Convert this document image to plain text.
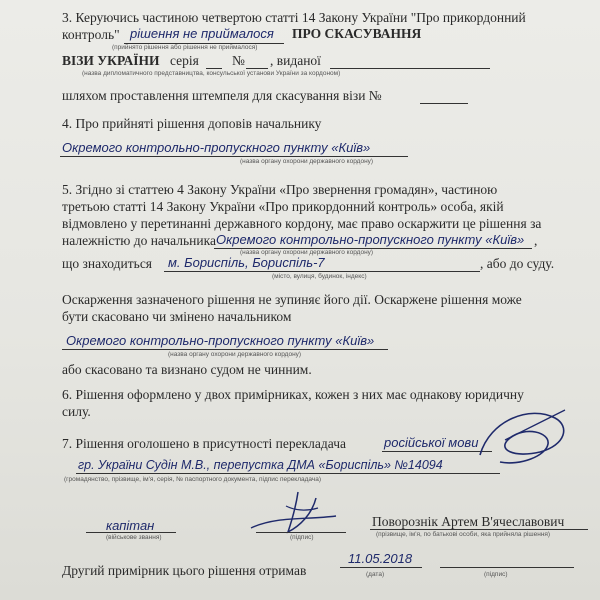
3. Керуючись частиною четвертою статті 14 Закону України "Про прикордонний
контроль" рішення не приймалося ПРО СКАСУВАННЯ
(прийнято рішення або рішення не приймалося)
ВІЗИ УКРАЇНИ серія № , виданої
(назва дипломатичного представництва, консульської установи України за кордоном)
шляхом проставлення штемпеля для скасування візи №
4. Про прийняті рішення доповів начальнику
Окремого контрольно-пропускного пункту «Київ»
(назва органу охорони державного кордону)
5. Згідно зі статтею 4 Закону України «Про звернення громадян», частиною
третьою статті 14 Закону України «Про прикордонний контроль» особа, якій
відмовлено у перетинанні державного кордону, має право оскаржити це рішення за
належністю до начальника Окремого контрольно-пропускного пункту «Київ» ,
(назва органу охорони державного кордону)
що знаходиться м. Бориспіль, Бориспіль-7	, або до суду.
(місто, вулиця, будинок, індекс)
Оскарження зазначеного рішення не зупиняє його дії. Оскаржене рішення може
бути скасовано чи змінено начальником
Окремого контрольно-пропускного пункту «Київ»
(назва органу охорони державного кордону)
або скасовано та визнано судом не чинним.
6. Рішення оформлено у двох примірниках, кожен з них має однакову юридичну
силу.
7. Рішення оголошено в присутності перекладача	російської мови
гр. України Судін М.В., перепустка ДМА «Бориспіль» №14094
(громадянство, прізвище, ім'я, серія, № паспортного документа, підпис перекладача)
капітан
(військове звання)	(підпис)
Поворознік Артем В'ячеславович
(прізвище, ім'я, по батькові особи, яка прийняла рішення)
Другий примірник цього рішення отримав
11.05.2018
(дата)	(підпис)
